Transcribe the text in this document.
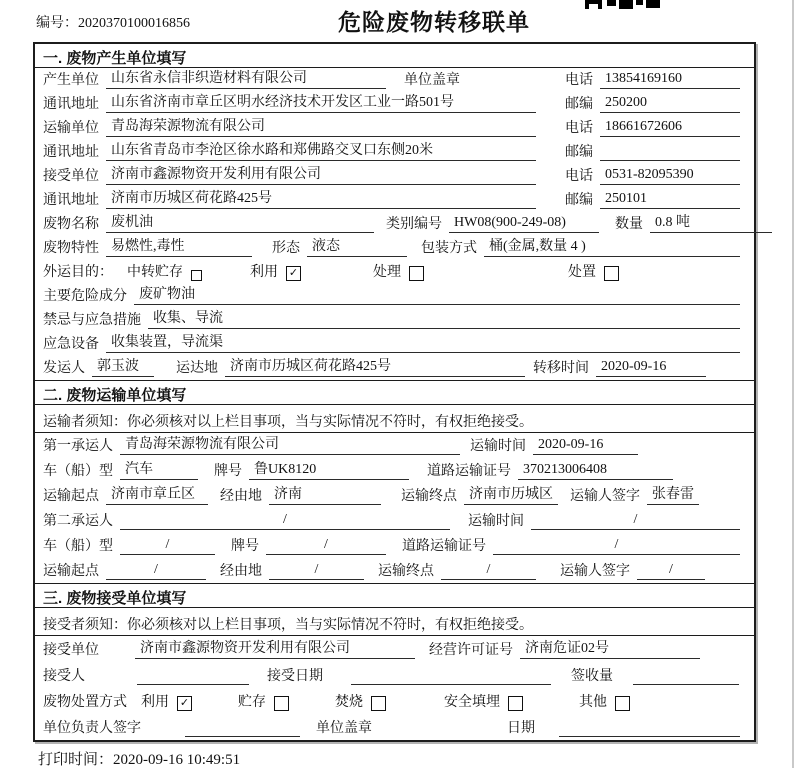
编号：2020370100016856	危险废物转移联单
一. 废物产生单位填写
产生单位 山东省永信非织造材料有限公司	单位盖章	电话 13854169160
通讯地址 山东省济南市章丘区明水经济技术开发区工业一路501号	邮编 250200
运输单位 青岛海荣源物流有限公司	电话 18661672606
通讯地址 山东省青岛市李沧区徐水路和郑佛路交叉口东侧20米	邮编
接受单位 济南市鑫源物资开发利用有限公司	电话 0531-82095390
通讯地址 济南市历城区荷花路425号	邮编 250101
废物名称 废机油	类别编号 HW08(900-249-08)	数量 0.8 吨
废物特性 易燃性,毒性	形态 液态	包装方式 桶(金属,数量 4 )
外运目的： 中转贮存	利用 ✓	处理	处置
主要危险成分 废矿物油
禁忌与应急措施 收集、导流
应急设备 收集装置，导流渠
发运人 郭玉波	运达地 济南市历城区荷花路425号	转移时间 2020-09-16
二. 废物运输单位填写
运输者须知：你必须核对以上栏目事项，当与实际情况不符时，有权拒绝接受。
第一承运人 青岛海荣源物流有限公司	运输时间 2020-09-16
车（船）型 汽车	牌号 鲁UK8120	道路运输证号 370213006408
运输起点 济南市章丘区	经由地 济南	运输终点 济南市历城区	运输人签字 张春雷
第二承运人	/	运输时间	/
车（船）型	/	牌号	/	道路运输证号	/
运输起点	/	经由地	/	运输终点	/	运输人签字	/
三. 废物接受单位填写
接受者须知：你必须核对以上栏目事项，当与实际情况不符时，有权拒绝接受。
接受单位	济南市鑫源物资开发利用有限公司	经营许可证号 济南危证02号
接受人	接受日期	签收量
废物处置方式 利用 ✓	贮存	焚烧	安全填埋	其他
单位负责人签字	单位盖章	日期
打印时间：2020-09-16 10:49:51
